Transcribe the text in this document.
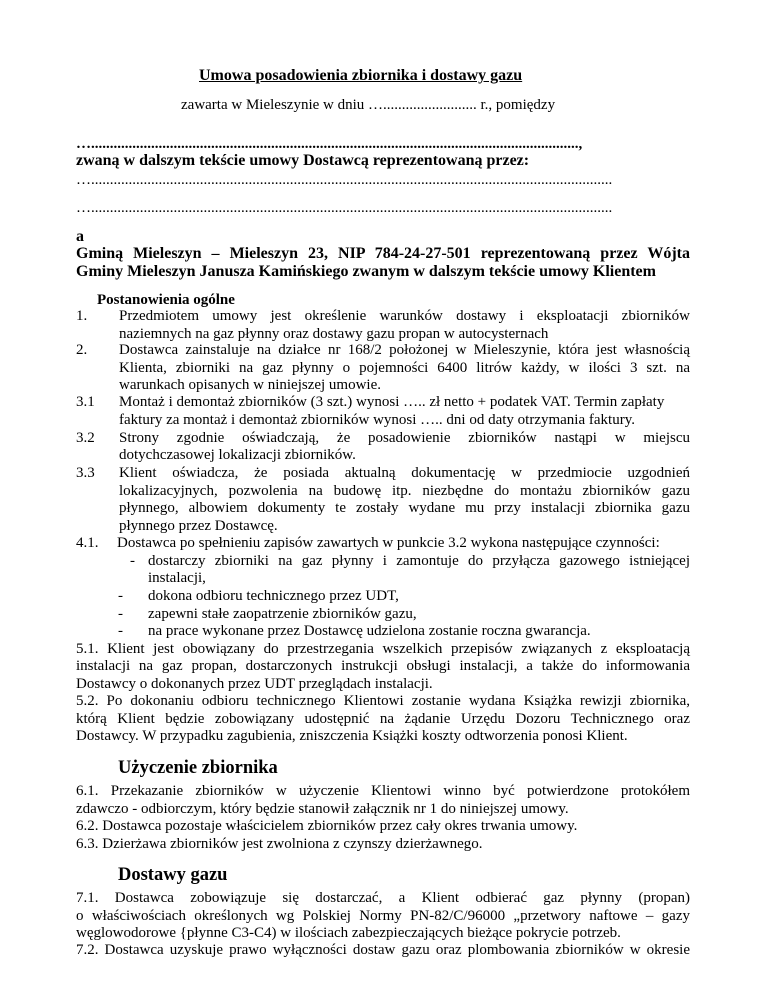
Umowa posadowienia zbiornika i dostawy gazu
zawarta w Mieleszynie w dniu …......................... r., pomiędzy
…..................................................................................................................................,
zwaną w dalszym tekście umowy Dostawcą reprezentowaną przez:
…...........................................................................................................................................
…...........................................................................................................................................
a
Gminą Mieleszyn – Mieleszyn 23, NIP 784-24-27-501 reprezentowaną przez Wójta
Gminy Mieleszyn Janusza Kamińskiego zwanym w dalszym tekście umowy Klientem
Postanowienia ogólne
1. Przedmiotem umowy jest określenie warunków dostawy i eksploatacji zbiorników
naziemnych na gaz płynny oraz dostawy gazu propan w autocysternach
2. Dostawca zainstaluje na działce nr 168/2 położonej w Mieleszynie, która jest własnością
Klienta, zbiorniki na gaz płynny o pojemności 6400 litrów każdy, w ilości 3 szt. na
warunkach opisanych w niniejszej umowie.
3.1 Montaż i demontaż zbiorników (3 szt.) wynosi ….. zł netto + podatek VAT. Termin zapłaty
faktury za montaż i demontaż zbiorników wynosi ….. dni od daty otrzymania faktury.
3.2 Strony zgodnie oświadczają, że posadowienie zbiorników nastąpi w miejscu
dotychczasowej lokalizacji zbiorników.
3.3 Klient oświadcza, że posiada aktualną dokumentację w przedmiocie uzgodnień
lokalizacyjnych, pozwolenia na budowę itp. niezbędne do montażu zbiorników gazu
płynnego, albowiem dokumenty te zostały wydane mu przy instalacji zbiornika gazu
płynnego przez Dostawcę.
4.1. Dostawca po spełnieniu zapisów zawartych w punkcie 3.2 wykona następujące czynności:
- dostarczy zbiorniki na gaz płynny i zamontuje do przyłącza gazowego istniejącej
instalacji,
- dokona odbioru technicznego przez UDT,
- zapewni stałe zaopatrzenie zbiorników gazu,
- na prace wykonane przez Dostawcę udzielona zostanie roczna gwarancja.
5.1. Klient jest obowiązany do przestrzegania wszelkich przepisów związanych z eksploatacją
instalacji na gaz propan, dostarczonych instrukcji obsługi instalacji, a także do informowania
Dostawcy o dokonanych przez UDT przeglądach instalacji.
5.2. Po dokonaniu odbioru technicznego Klientowi zostanie wydana Książka rewizji zbiornika,
którą Klient będzie zobowiązany udostępnić na żądanie Urzędu Dozoru Technicznego oraz
Dostawcy. W przypadku zagubienia, zniszczenia Książki koszty odtworzenia ponosi Klient.
Użyczenie zbiornika
6.1. Przekazanie zbiorników w użyczenie Klientowi winno być potwierdzone protokółem
zdawczo - odbiorczym, który będzie stanowił załącznik nr 1 do niniejszej umowy.
6.2. Dostawca pozostaje właścicielem zbiorników przez cały okres trwania umowy.
6.3. Dzierżawa zbiorników jest zwolniona z czynszy dzierżawnego.
Dostawy gazu
7.1. Dostawca zobowiązuje się dostarczać, a Klient odbierać gaz płynny (propan)
o właściwościach określonych wg Polskiej Normy PN-82/C/96000 „przetwory naftowe – gazy
węglowodorowe {płynne C3-C4) w ilościach zabezpieczających bieżące pokrycie potrzeb.
7.2. Dostawca uzyskuje prawo wyłączności dostaw gazu oraz plombowania zbiorników w okresie
